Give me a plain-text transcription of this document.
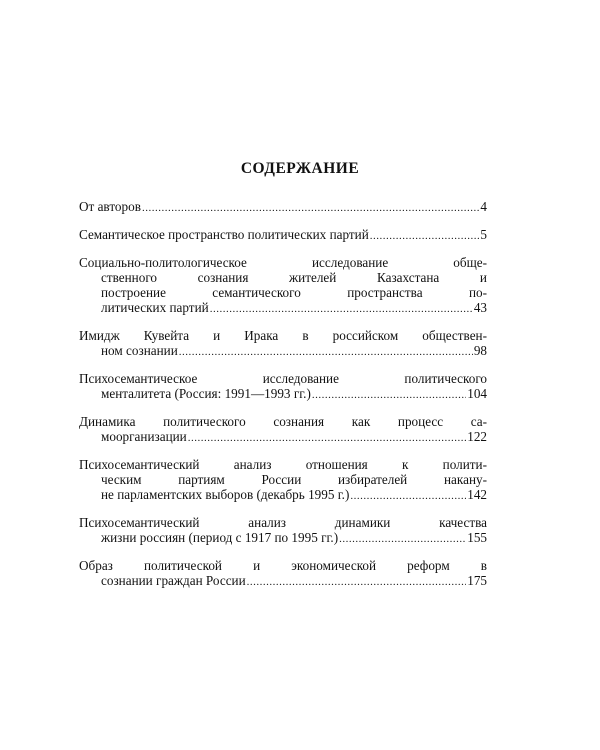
СОДЕРЖАНИЕ
От авторов .....	4
Семантическое пространство политических партий .....	5
Социально-политологическое исследование обще-
ственного сознания жителей Казахстана и
построение семантического пространства по-
литических партий .....	43
Имидж Кувейта и Ирака в российском обществен-
ном сознании .....	98
Психосемантическое исследование политического
менталитета (Россия: 1991—1993 гг.) .....	104
Динамика политического сознания как процесс са-
моорганизации .....	122
Психосемантический анализ отношения к полити-
ческим партиям России избирателей накану-
не парламентских выборов (декабрь 1995 г.) .....	142
Психосемантический анализ динамики качества
жизни россиян (период с 1917 по 1995 гг.) .....	155
Образ политической и экономической реформ в
сознании граждан России .....	175
